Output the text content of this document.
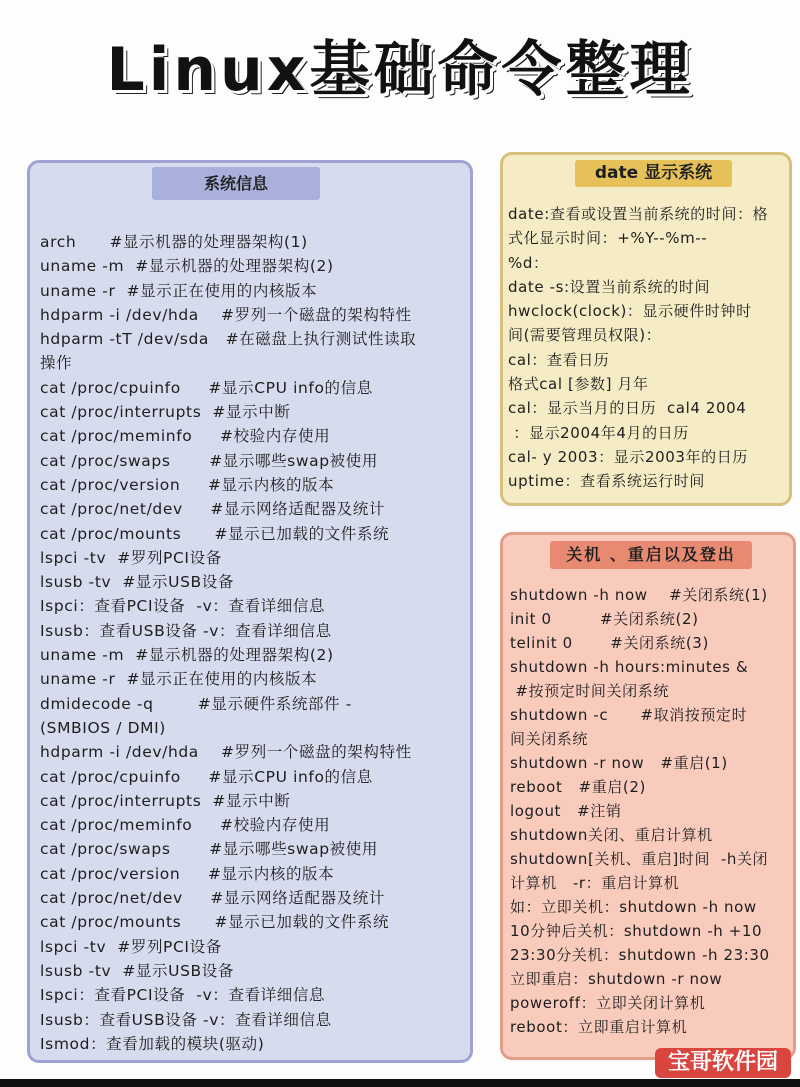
Linux基础命令整理
系统信息
arch      #显示机器的处理器架构(1)
uname -m  #显示机器的处理器架构(2)
uname -r  #显示正在使用的内核版本
hdparm -i /dev/hda    #罗列一个磁盘的架构特性
hdparm -tT /dev/sda   #在磁盘上执行测试性读取
操作
cat /proc/cpuinfo     #显示CPU info的信息
cat /proc/interrupts  #显示中断
cat /proc/meminfo     #校验内存使用
cat /proc/swaps       #显示哪些swap被使用
cat /proc/version     #显示内核的版本
cat /proc/net/dev     #显示网络适配器及统计
cat /proc/mounts      #显示已加载的文件系统
lspci -tv  #罗列PCI设备
lsusb -tv  #显示USB设备
Ispci：查看PCI设备  -v：查看详细信息
Isusb：查看USB设备 -v：查看详细信息
uname -m  #显示机器的处理器架构(2)
uname -r  #显示正在使用的内核版本
dmidecode -q        #显示硬件系统部件 -
(SMBIOS / DMI)
hdparm -i /dev/hda    #罗列一个磁盘的架构特性
cat /proc/cpuinfo     #显示CPU info的信息
cat /proc/interrupts  #显示中断
cat /proc/meminfo     #校验内存使用
cat /proc/swaps       #显示哪些swap被使用
cat /proc/version     #显示内核的版本
cat /proc/net/dev     #显示网络适配器及统计
cat /proc/mounts      #显示已加载的文件系统
lspci -tv  #罗列PCI设备
lsusb -tv  #显示USB设备
Ispci：查看PCI设备  -v：查看详细信息
Isusb：查看USB设备 -v：查看详细信息
Ismod：查看加载的模块(驱动)
date 显示系统
date:查看或设置当前系统的时间：格
式化显示时间：+%Y--%m--
%d：
date -s:设置当前系统的时间
hwclock(clock)：显示硬件时钟时
间(需要管理员权限)：
cal：查看日历
格式cal [参数] 月年
cal：显示当月的日历  cal4 2004
：显示2004年4月的日历
cal- y 2003：显示2003年的日历
uptime：查看系统运行时间
关机 、重启以及登出
shutdown -h now    #关闭系统(1)
init 0         #关闭系统(2)
telinit 0       #关闭系统(3)
shutdown -h hours:minutes &
#按预定时间关闭系统
shutdown -c      #取消按预定时
间关闭系统
shutdown -r now   #重启(1)
reboot   #重启(2)
logout   #注销
shutdown关闭、重启计算机
shutdown[关机、重启]时间  -h关闭
计算机   -r：重启计算机
如：立即关机：shutdown -h now
10分钟后关机：shutdown -h +10
23:30分关机：shutdown -h 23:30
立即重启：shutdown -r now
poweroff：立即关闭计算机
reboot：立即重启计算机
宝哥软件园
